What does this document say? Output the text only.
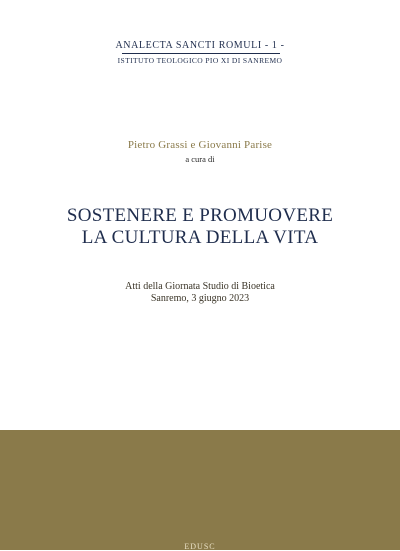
ANALECTA SANCTI ROMULI - 1 -
ISTITUTO TEOLOGICO PIO XI DI SANREMO
Pietro Grassi e Giovanni Parise
a cura di
SOSTENERE E PROMUOVERE
LA CULTURA DELLA VITA
Atti della Giornata Studio di Bioetica
Sanremo, 3 giugno 2023
EDUSC
